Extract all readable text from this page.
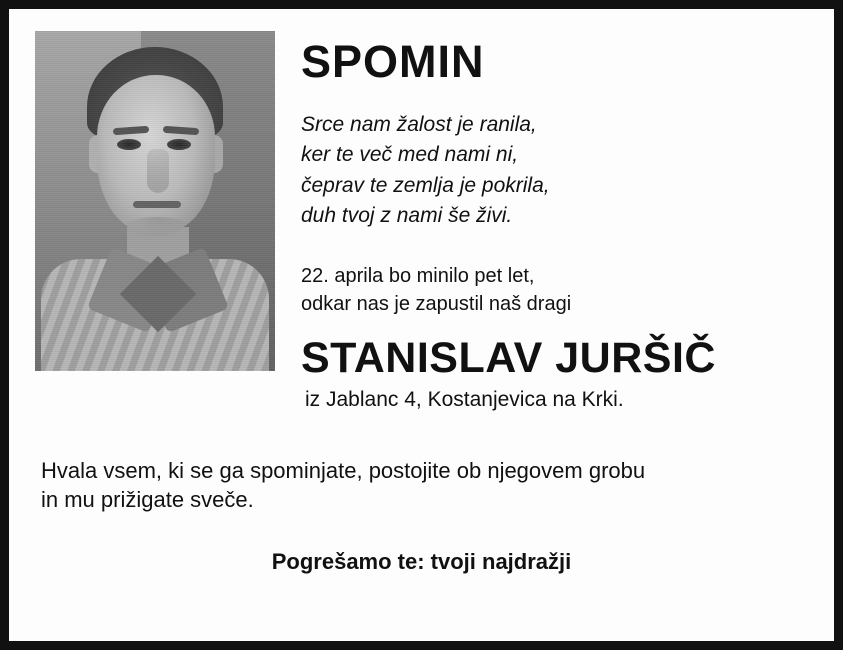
SPOMIN
Srce nam žalost je ranila,
ker te več med nami ni,
čeprav te zemlja je pokrila,
duh tvoj z nami še živi.
22. aprila bo minilo pet let,
odkar nas je zapustil naš dragi
STANISLAV JURŠIČ
iz Jablanc 4, Kostanjevica na Krki.
Hvala vsem, ki se ga spominjate, postojite ob njegovem grobu
in mu prižigate sveče.
Pogrešamo te: tvoji najdražji
